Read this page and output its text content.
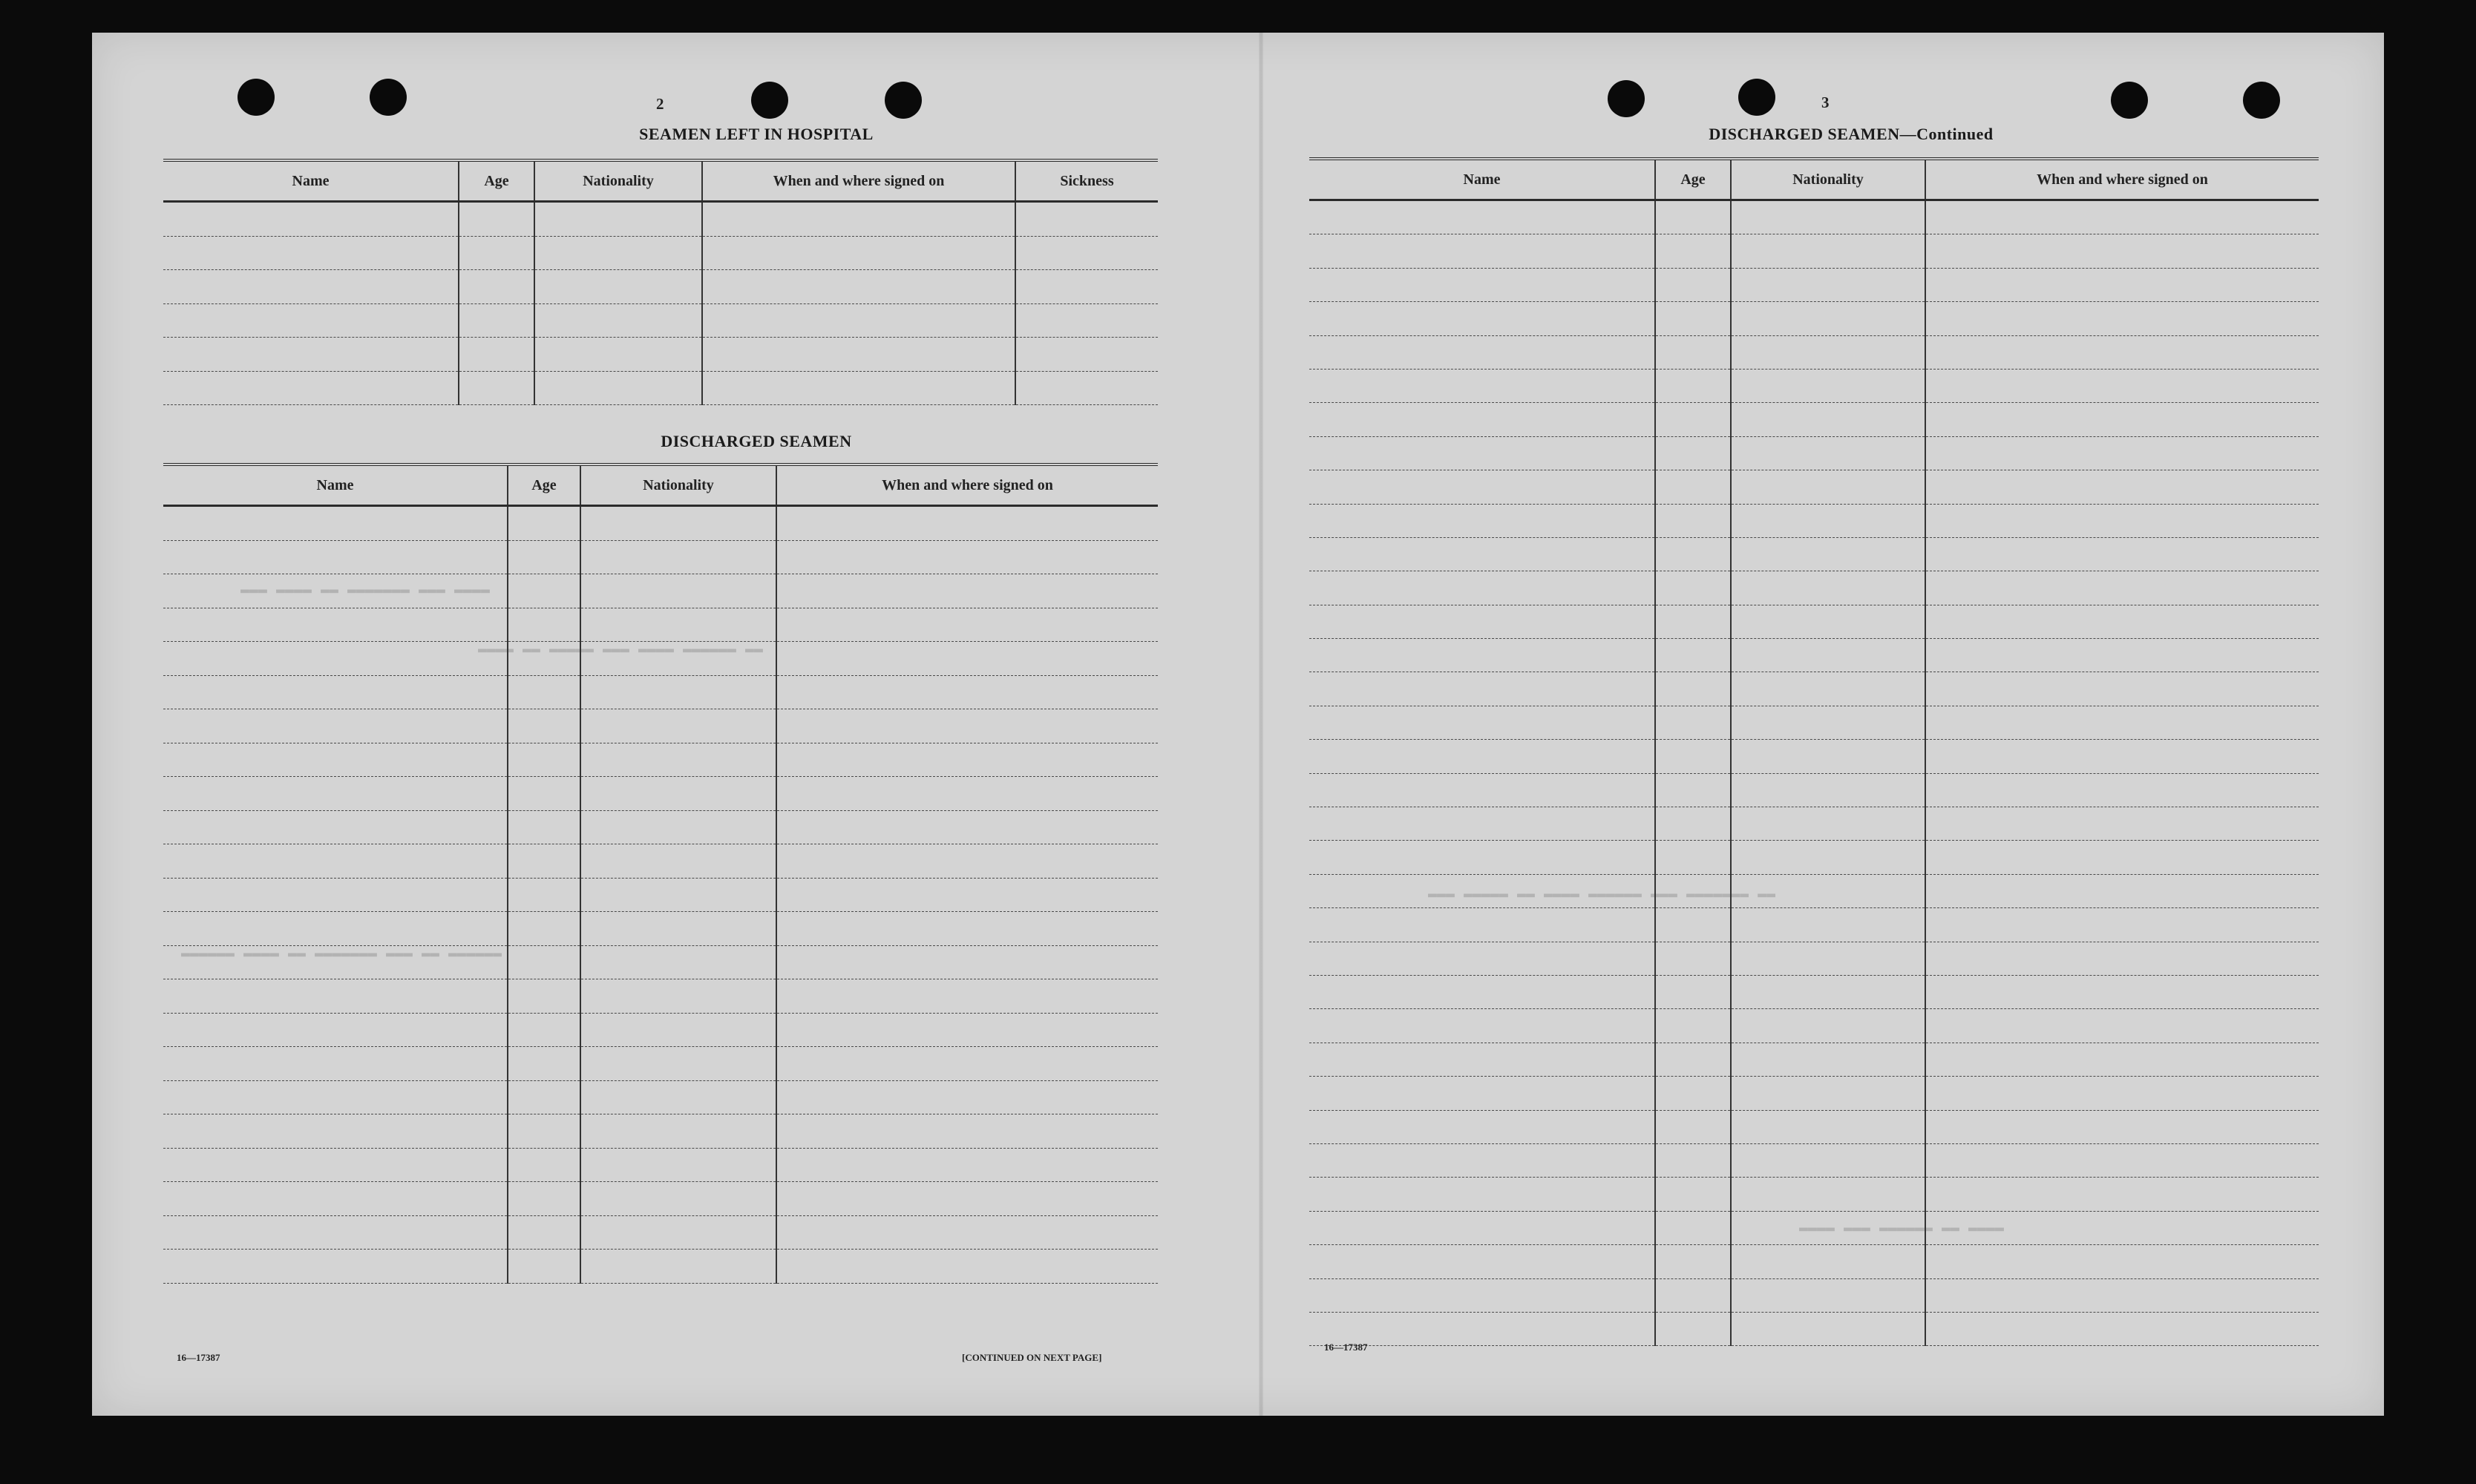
▬▬▬ ▬▬▬▬ ▬▬ ▬▬▬▬▬▬▬ ▬▬▬ ▬▬▬▬
▬▬▬▬ ▬▬ ▬▬▬▬▬ ▬▬▬ ▬▬▬▬ ▬▬▬▬▬▬ ▬▬
▬▬▬▬▬▬ ▬▬▬▬ ▬▬ ▬▬▬▬▬▬▬ ▬▬▬ ▬▬ ▬▬▬▬▬▬
▬▬▬ ▬▬▬▬▬ ▬▬ ▬▬▬▬ ▬▬▬▬▬▬ ▬▬▬ ▬▬▬▬▬▬▬ ▬▬
▬▬▬▬ ▬▬▬ ▬▬▬▬▬▬ ▬▬ ▬▬▬▬
2
SEAMEN LEFT IN HOSPITAL
Name	Age	Nationality	When and where signed on	Sickness

DISCHARGED SEAMEN
Name	Age	Nationality	When and where signed on

16—17387	[CONTINUED ON NEXT PAGE]
3
DISCHARGED SEAMEN—Continued
Name	Age	Nationality	When and where signed on

16—17387
